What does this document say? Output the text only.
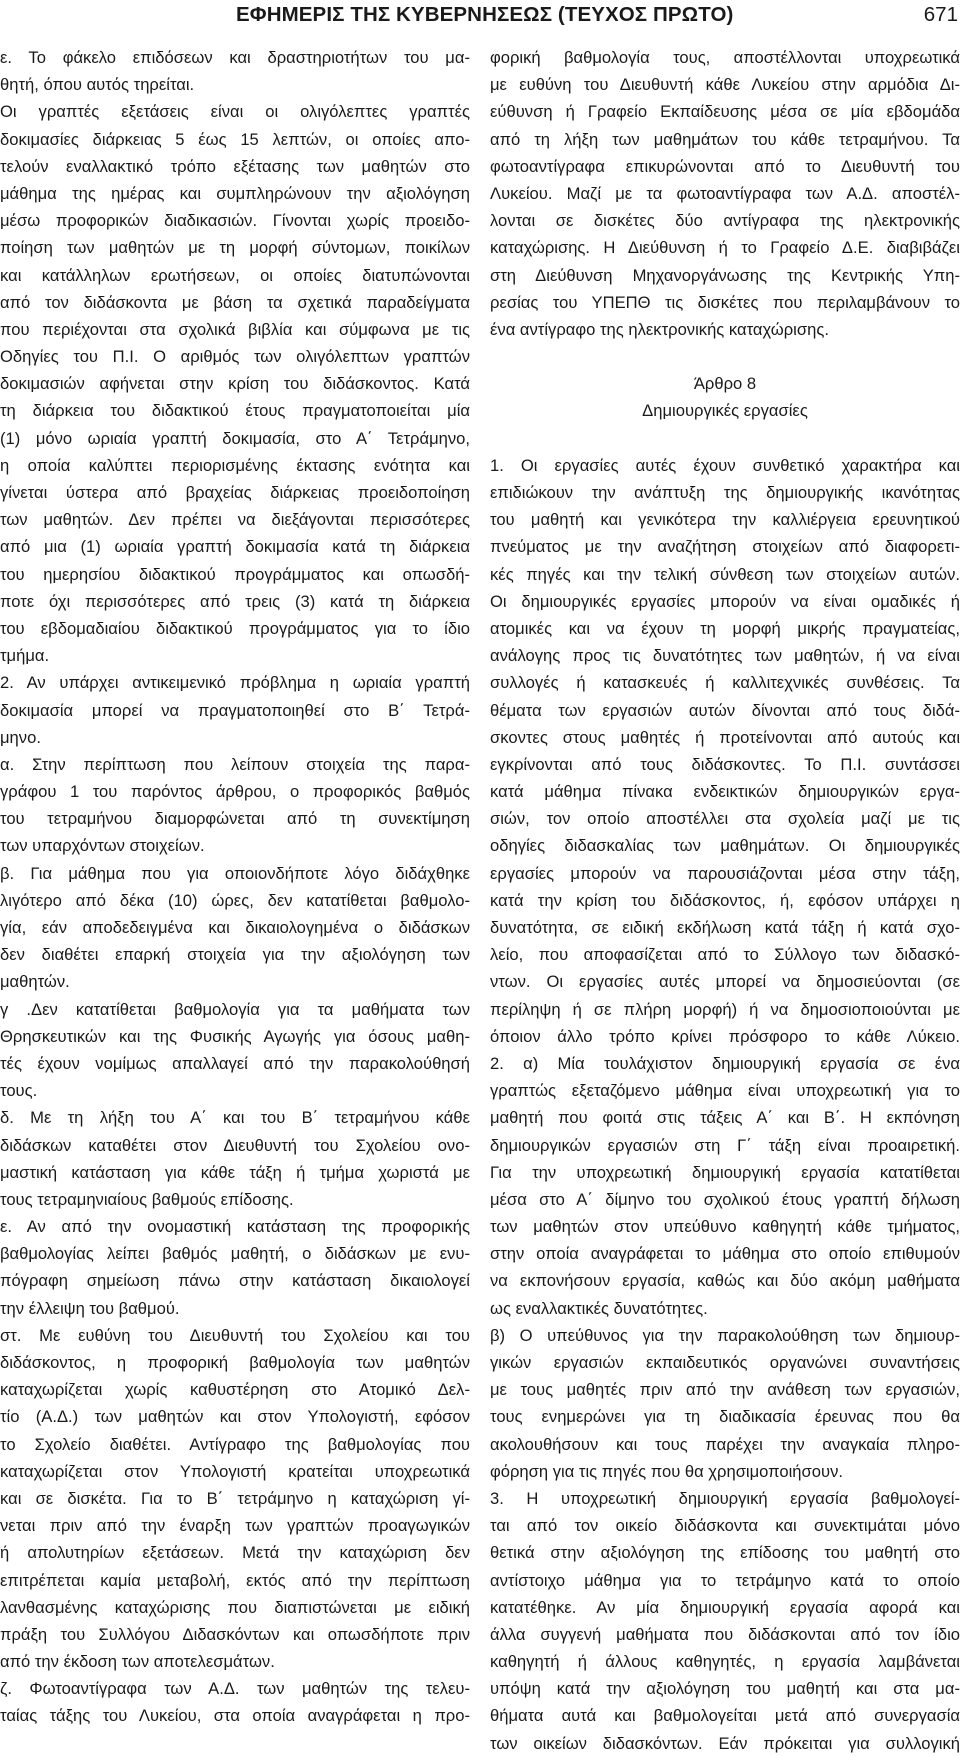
ΕΦΗΜΕΡΙΣ ΤΗΣ ΚΥΒΕΡΝΗΣΕΩΣ (ΤΕΥΧΟΣ ΠΡΩΤΟ)	671
ε. Το φάκελο επιδόσεων και δραστηριοτήτων του μα-
θητή, όπου αυτός τηρείται.
Οι γραπτές εξετάσεις είναι οι ολιγόλεπτες γραπτές
δοκιμασίες διάρκειας 5 έως 15 λεπτών, οι οποίες απο-
τελούν εναλλακτικό τρόπο εξέτασης των μαθητών στο
μάθημα της ημέρας και συμπληρώνουν την αξιολόγηση
μέσω προφορικών διαδικασιών. Γίνονται χωρίς προειδο-
ποίηση των μαθητών με τη μορφή σύντομων, ποικίλων
και κατάλληλων ερωτήσεων, οι οποίες διατυπώνονται
από τον διδάσκοντα με βάση τα σχετικά παραδείγματα
που περιέχονται στα σχολικά βιβλία και σύμφωνα με τις
Οδηγίες του Π.Ι. Ο αριθμός των ολιγόλεπτων γραπτών
δοκιμασιών αφήνεται στην κρίση του διδάσκοντος. Κατά
τη διάρκεια του διδακτικού έτους πραγματοποιείται μία
(1) μόνο ωριαία γραπτή δοκιμασία, στο Α΄ Τετράμηνο,
η οποία καλύπτει περιορισμένης έκτασης ενότητα και
γίνεται ύστερα από βραχείας διάρκειας προειδοποίηση
των μαθητών. Δεν πρέπει να διεξάγονται περισσότερες
από μια (1) ωριαία γραπτή δοκιμασία κατά τη διάρκεια
του ημερησίου διδακτικού προγράμματος και οπωσδή-
ποτε όχι περισσότερες από τρεις (3) κατά τη διάρκεια
του εβδομαδιαίου διδακτικού προγράμματος για το ίδιο
τμήμα.
2. Αν υπάρχει αντικειμενικό πρόβλημα η ωριαία γραπτή
δοκιμασία μπορεί να πραγματοποιηθεί στο Β΄ Τετρά-
μηνο.
α. Στην περίπτωση που λείπουν στοιχεία της παρα-
γράφου 1 του παρόντος άρθρου, ο προφορικός βαθμός
του τετραμήνου διαμορφώνεται από τη συνεκτίμηση
των υπαρχόντων στοιχείων.
β. Για μάθημα που για οποιονδήποτε λόγο διδάχθηκε
λιγότερο από δέκα (10) ώρες, δεν κατατίθεται βαθμολο-
γία, εάν αποδεδειγμένα και δικαιολογημένα ο διδάσκων
δεν διαθέτει επαρκή στοιχεία για την αξιολόγηση των
μαθητών.
γ .Δεν κατατίθεται βαθμολογία για τα μαθήματα των
Θρησκευτικών και της Φυσικής Αγωγής για όσους μαθη-
τές έχουν νομίμως απαλλαγεί από την παρακολούθησή
τους.
δ. Με τη λήξη του Α΄ και του Β΄ τετραμήνου κάθε
διδάσκων καταθέτει στον Διευθυντή του Σχολείου ονο-
μαστική κατάσταση για κάθε τάξη ή τμήμα χωριστά με
τους τετραμηνιαίους βαθμούς επίδοσης.
ε. Αν από την ονομαστική κατάσταση της προφορικής
βαθμολογίας λείπει βαθμός μαθητή, ο διδάσκων με ενυ-
πόγραφη σημείωση πάνω στην κατάσταση δικαιολογεί
την έλλειψη του βαθμού.
στ. Με ευθύνη του Διευθυντή του Σχολείου και του
διδάσκοντος, η προφορική βαθμολογία των μαθητών
καταχωρίζεται χωρίς καθυστέρηση στο Ατομικό Δελ-
τίο (Α.Δ.) των μαθητών και στον Υπολογιστή, εφόσον
το Σχολείο διαθέτει. Αντίγραφο της βαθμολογίας που
καταχωρίζεται στον Υπολογιστή κρατείται υποχρεωτικά
και σε δισκέτα. Για το Β΄ τετράμηνο η καταχώριση γί-
νεται πριν από την έναρξη των γραπτών προαγωγικών
ή απολυτηρίων εξετάσεων. Μετά την καταχώριση δεν
επιτρέπεται καμία μεταβολή, εκτός από την περίπτωση
λανθασμένης καταχώρισης που διαπιστώνεται με ειδική
πράξη του Συλλόγου Διδασκόντων και οπωσδήποτε πριν
από την έκδοση των αποτελεσμάτων.
ζ. Φωτοαντίγραφα των Α.Δ. των μαθητών της τελευ-
ταίας τάξης του Λυκείου, στα οποία αναγράφεται η προ-
φορική βαθμολογία τους, αποστέλλονται υποχρεωτικά
με ευθύνη του Διευθυντή κάθε Λυκείου στην αρμόδια Δι-
εύθυνση ή Γραφείο Εκπαίδευσης μέσα σε μία εβδομάδα
από τη λήξη των μαθημάτων του κάθε τετραμήνου. Τα
φωτοαντίγραφα επικυρώνονται από το Διευθυντή του
Λυκείου. Μαζί με τα φωτοαντίγραφα των Α.Δ. αποστέλ-
λονται σε δισκέτες δύο αντίγραφα της ηλεκτρονικής
καταχώρισης. Η Διεύθυνση ή το Γραφείο Δ.Ε. διαβιβάζει
στη Διεύθυνση Μηχανοργάνωσης της Κεντρικής Υπη-
ρεσίας του ΥΠΕΠΘ τις δισκέτες που περιλαμβάνουν το
ένα αντίγραφο της ηλεκτρονικής καταχώρισης.
Άρθρο 8
Δημιουργικές εργασίες
1. Οι εργασίες αυτές έχουν συνθετικό χαρακτήρα και
επιδιώκουν την ανάπτυξη της δημιουργικής ικανότητας
του μαθητή και γενικότερα την καλλιέργεια ερευνητικού
πνεύματος με την αναζήτηση στοιχείων από διαφορετι-
κές πηγές και την τελική σύνθεση των στοιχείων αυτών.
Οι δημιουργικές εργασίες μπορούν να είναι ομαδικές ή
ατομικές και να έχουν τη μορφή μικρής πραγματείας,
ανάλογης προς τις δυνατότητες των μαθητών, ή να είναι
συλλογές ή κατασκευές ή καλλιτεχνικές συνθέσεις. Τα
θέματα των εργασιών αυτών δίνονται από τους διδά-
σκοντες στους μαθητές ή προτείνονται από αυτούς και
εγκρίνονται από τους διδάσκοντες. Το Π.Ι. συντάσσει
κατά μάθημα πίνακα ενδεικτικών δημιουργικών εργα-
σιών, τον οποίο αποστέλλει στα σχολεία μαζί με τις
οδηγίες διδασκαλίας των μαθημάτων. Οι δημιουργικές
εργασίες μπορούν να παρουσιάζονται μέσα στην τάξη,
κατά την κρίση του διδάσκοντος, ή, εφόσον υπάρχει η
δυνατότητα, σε ειδική εκδήλωση κατά τάξη ή κατά σχο-
λείο, που αποφασίζεται από το Σύλλογο των διδασκό-
ντων. Οι εργασίες αυτές μπορεί να δημοσιεύονται (σε
περίληψη ή σε πλήρη μορφή) ή να δημοσιοποιούνται με
όποιον άλλο τρόπο κρίνει πρόσφορο το κάθε Λύκειο.
2. α) Μία τουλάχιστον δημιουργική εργασία σε ένα
γραπτώς εξεταζόμενο μάθημα είναι υποχρεωτική για το
μαθητή που φοιτά στις τάξεις Α΄ και Β΄. Η εκπόνηση
δημιουργικών εργασιών στη Γ΄ τάξη είναι προαιρετική.
Για την υποχρεωτική δημιουργική εργασία κατατίθεται
μέσα στο Α΄ δίμηνο του σχολικού έτους γραπτή δήλωση
των μαθητών στον υπεύθυνο καθηγητή κάθε τμήματος,
στην οποία αναγράφεται το μάθημα στο οποίο επιθυμούν
να εκπονήσουν εργασία, καθώς και δύο ακόμη μαθήματα
ως εναλλακτικές δυνατότητες.
β) Ο υπεύθυνος για την παρακολούθηση των δημιουρ-
γικών εργασιών εκπαιδευτικός οργανώνει συναντήσεις
με τους μαθητές πριν από την ανάθεση των εργασιών,
τους ενημερώνει για τη διαδικασία έρευνας που θα
ακολουθήσουν και τους παρέχει την αναγκαία πληρο-
φόρηση για τις πηγές που θα χρησιμοποιήσουν.
3. Η υποχρεωτική δημιουργική εργασία βαθμολογεί-
ται από τον οικείο διδάσκοντα και συνεκτιμάται μόνο
θετικά στην αξιολόγηση της επίδοσης του μαθητή στο
αντίστοιχο μάθημα για το τετράμηνο κατά το οποίο
κατατέθηκε. Αν μία δημιουργική εργασία αφορά και
άλλα συγγενή μαθήματα που διδάσκονται από τον ίδιο
καθηγητή ή άλλους καθηγητές, η εργασία λαμβάνεται
υπόψη κατά την αξιολόγηση του μαθητή και στα μα-
θήματα αυτά και βαθμολογείται μετά από συνεργασία
των οικείων διδασκόντων. Εάν πρόκειται για συλλογική
